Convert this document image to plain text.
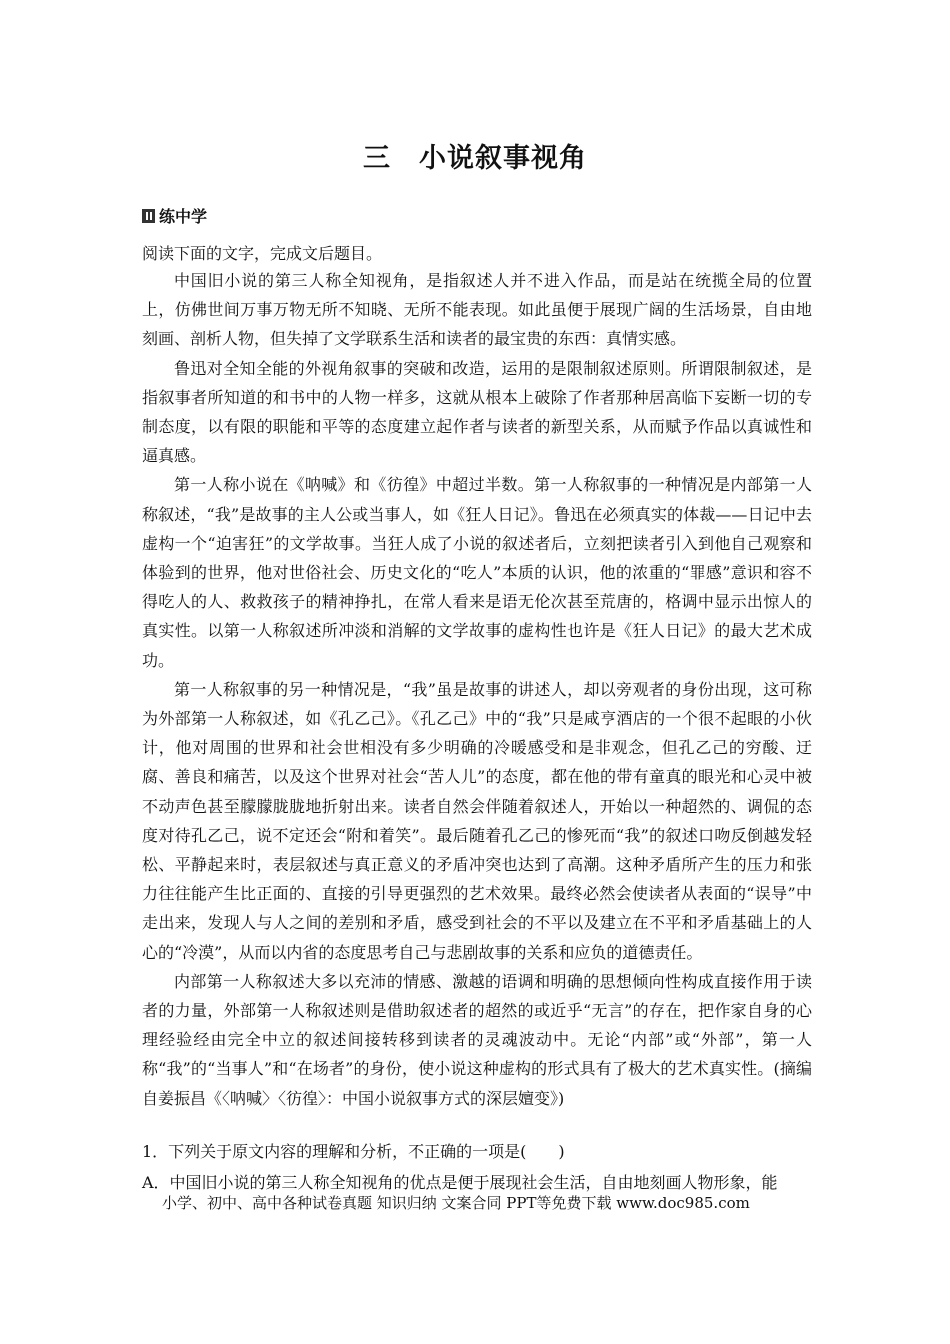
三　小说叙事视角
练中学
阅读下面的文字，完成文后题目。

中国旧小说的第三人称全知视角，是指叙述人并不进入作品，而是站在统揽全局的位置上，仿佛世间万事万物无所不知晓、无所不能表现。如此虽便于展现广阔的生活场景，自由地刻画、剖析人物，但失掉了文学联系生活和读者的最宝贵的东西：真情实感。

鲁迅对全知全能的外视角叙事的突破和改造，运用的是限制叙述原则。所谓限制叙述，是指叙事者所知道的和书中的人物一样多，这就从根本上破除了作者那种居高临下妄断一切的专制态度，以有限的职能和平等的态度建立起作者与读者的新型关系，从而赋予作品以真诚性和逼真感。

第一人称小说在《呐喊》和《彷徨》中超过半数。第一人称叙事的一种情况是内部第一人称叙述，“我”是故事的主人公或当事人，如《狂人日记》。鲁迅在必须真实的体裁——日记中去虚构一个“迫害狂”的文学故事。当狂人成了小说的叙述者后，立刻把读者引入到他自己观察和体验到的世界，他对世俗社会、历史文化的“吃人”本质的认识，他的浓重的“罪感”意识和容不得吃人的人、救救孩子的精神挣扎，在常人看来是语无伦次甚至荒唐的，格调中显示出惊人的真实性。以第一人称叙述所冲淡和消解的文学故事的虚构性也许是《狂人日记》的最大艺术成功。

第一人称叙事的另一种情况是，“我”虽是故事的讲述人，却以旁观者的身份出现，这可称为外部第一人称叙述，如《孔乙己》。《孔乙己》中的“我”只是咸亨酒店的一个很不起眼的小伙计，他对周围的世界和社会世相没有多少明确的冷暖感受和是非观念，但孔乙己的穷酸、迂腐、善良和痛苦，以及这个世界对社会“苦人儿”的态度，都在他的带有童真的眼光和心灵中被不动声色甚至朦朦胧胧地折射出来。读者自然会伴随着叙述人，开始以一种超然的、调侃的态度对待孔乙己，说不定还会“附和着笑”。最后随着孔乙己的惨死而“我”的叙述口吻反倒越发轻松、平静起来时，表层叙述与真正意义的矛盾冲突也达到了高潮。这种矛盾所产生的压力和张力往往能产生比正面的、直接的引导更强烈的艺术效果。最终必然会使读者从表面的“误导”中走出来，发现人与人之间的差别和矛盾，感受到社会的不平以及建立在不平和矛盾基础上的人心的“冷漠”，从而以内省的态度思考自己与悲剧故事的关系和应负的道德责任。

内部第一人称叙述大多以充沛的情感、激越的语调和明确的思想倾向性构成直接作用于读者的力量，外部第一人称叙述则是借助叙述者的超然的或近乎“无言”的存在，把作家自身的心理经验经由完全中立的叙述间接转移到读者的灵魂波动中。无论“内部”或“外部”，第一人称“我”的“当事人”和“在场者”的身份，使小说这种虚构的形式具有了极大的艺术真实性。(摘编自姜振昌《〈呐喊〉〈彷徨〉：中国小说叙事方式的深层嬗变》)

1．下列关于原文内容的理解和分析，不正确的一项是(　　)
A．中国旧小说的第三人称全知视角的优点是便于展现社会生活，自由地刻画人物形象，能
小学、初中、高中各种试卷真题 知识归纳 文案合同 PPT等免费下载 www.doc985.com
